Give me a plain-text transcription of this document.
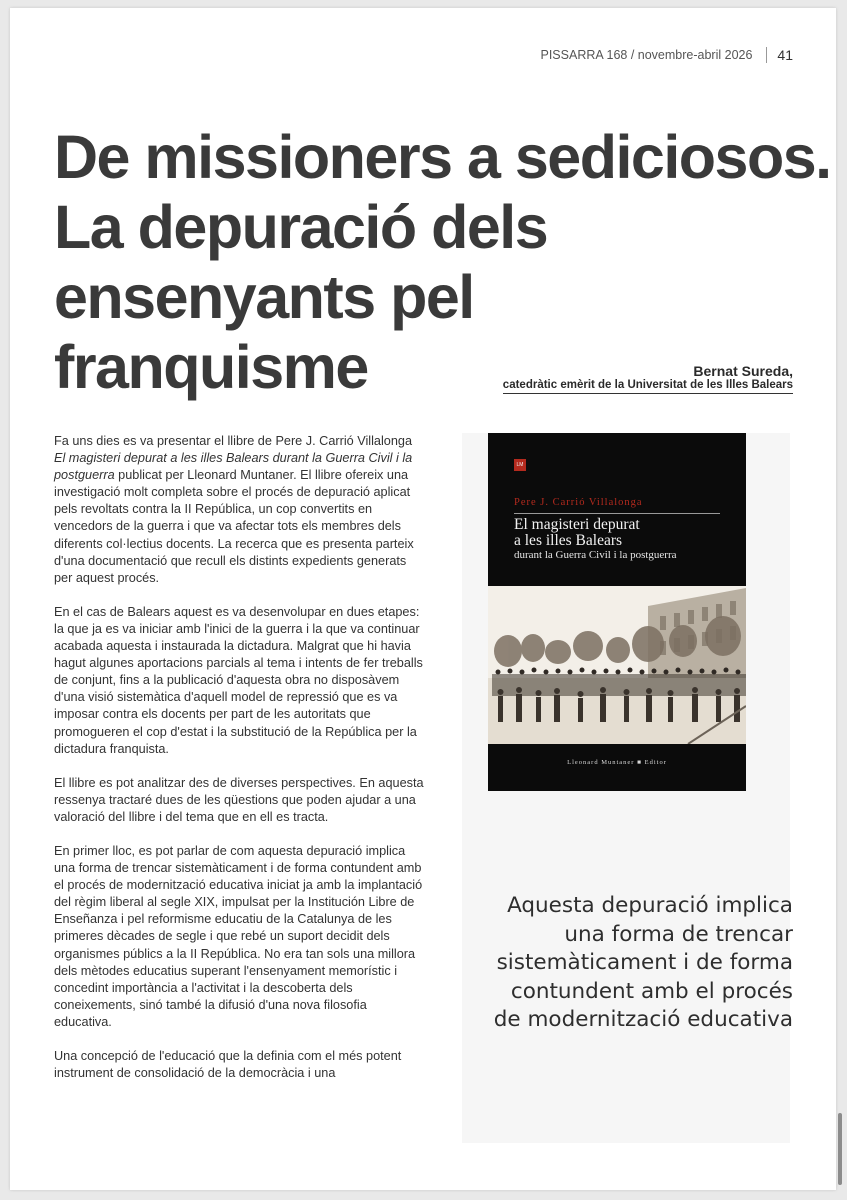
PISSARRA 168 / novembre-abril 2026 41
De missioners a sediciosos.
La depuració dels
ensenyants pel
franquisme	Bernat Sureda,
catedràtic emèrit de la Universitat de les Illes Balears

Fa uns dies es va presentar el llibre de Pere J. Carrió Villalonga El magisteri depurat a les illes Balears durant la Guerra Civil i la postguerra publicat per Lleonard Muntaner. El llibre ofereix una investigació molt completa sobre el procés de depuració aplicat pels revoltats contra la II República, un cop convertits en vencedors de la guerra i que va afectar tots els membres dels diferents col·lectius docents. La recerca que es presenta parteix d'una documentació que recull els distints expedients generats per aquest procés.

En el cas de Balears aquest es va desenvolupar en dues etapes: la que ja es va iniciar amb l'inici de la guerra i la que va continuar acabada aquesta i instaurada la dictadura. Malgrat que hi havia hagut algunes aportacions parcials al tema i intents de fer treballs de conjunt, fins a la publicació d'aquesta obra no disposàvem d'una visió sistemàtica d'aquell model de repressió que es va imposar contra els docents per part de les autoritats que promogueren el cop d'estat i la substitució de la República per la dictadura franquista.

El llibre es pot analitzar des de diverses perspectives. En aquesta ressenya tractaré dues de les qüestions que poden ajudar a una valoració del llibre i del tema que en ell es tracta.

En primer lloc, es pot parlar de com aquesta depuració implica una forma de trencar sistemàticament i de forma contundent amb el procés de modernització educativa iniciat ja amb la implantació del règim liberal al segle XIX, impulsat per la Institución Libre de Enseñanza i pel reformisme educatiu de la Catalunya de les primeres dècades de segle i que rebé un suport decidit dels organismes públics a la II República. No era tan sols una millora dels mètodes educatius superant l'ensenyament memorístic i concedint importància a l'activitat i la descoberta dels coneixements, sinó també la difusió d'una nova filosofia educativa.

Una concepció de l'educació que la definia com el més potent instrument de consolidació de la democràcia i una

LM
Pere J. Carrió Villalonga
El magisteri depurat
a les illes Balears
durant la Guerra Civil i la postguerra
Lleonard Muntaner ■ Editor

Aquesta depuració implica una forma de trencar sistemàticament i de forma contundent amb el procés de modernització educativa
